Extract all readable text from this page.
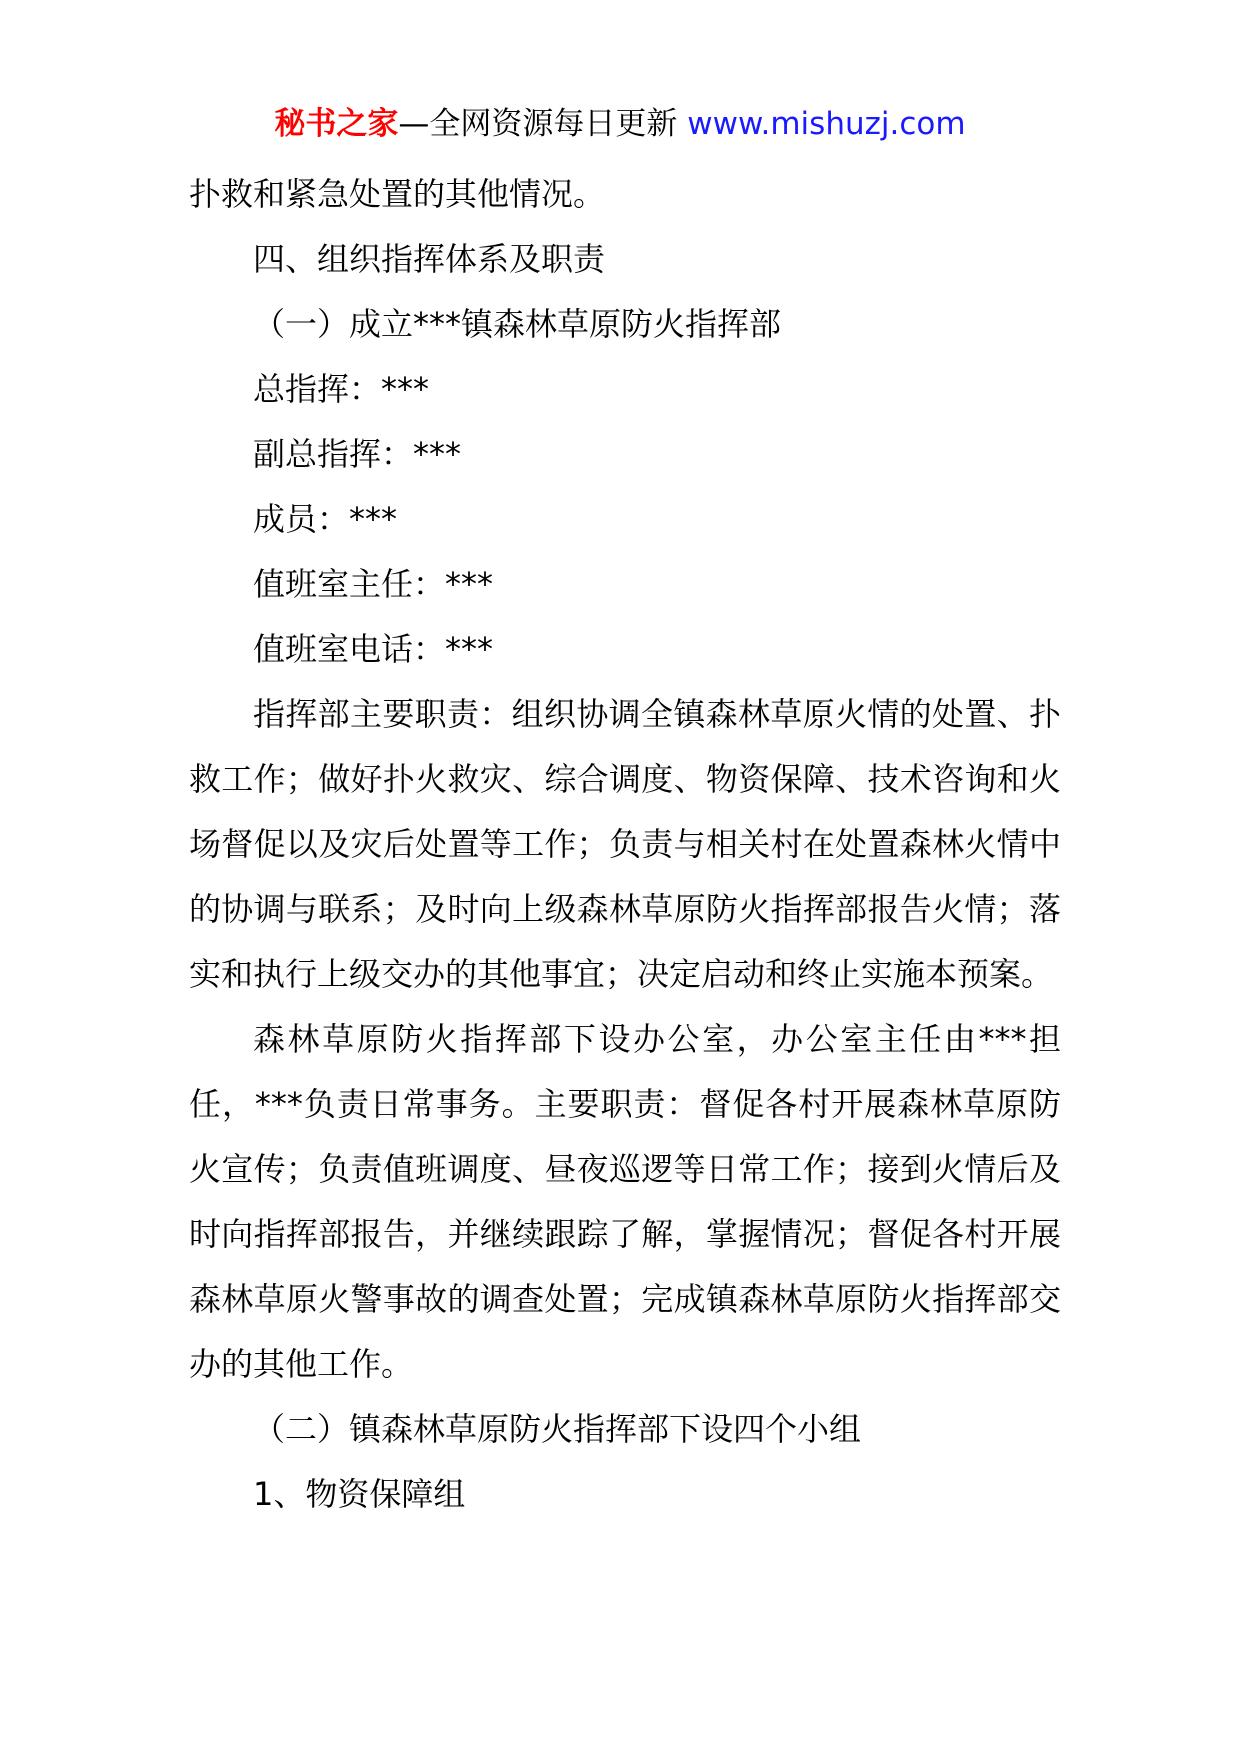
秘书之家—全网资源每日更新 www.mishuzj.com

扑救和紧急处置的其他情况。

四、组织指挥体系及职责

（一）成立***镇森林草原防火指挥部

总指挥：***

副总指挥：***

成员：***

值班室主任：***

值班室电话：***

指挥部主要职责：组织协调全镇森林草原火情的处置、扑救工作；做好扑火救灾、综合调度、物资保障、技术咨询和火场督促以及灾后处置等工作；负责与相关村在处置森林火情中的协调与联系；及时向上级森林草原防火指挥部报告火情；落实和执行上级交办的其他事宜；决定启动和终止实施本预案。

森林草原防火指挥部下设办公室，办公室主任由***担任，***负责日常事务。主要职责：督促各村开展森林草原防火宣传；负责值班调度、昼夜巡逻等日常工作；接到火情后及时向指挥部报告，并继续跟踪了解，掌握情况；督促各村开展森林草原火警事故的调查处置；完成镇森林草原防火指挥部交办的其他工作。

（二）镇森林草原防火指挥部下设四个小组

1、物资保障组
